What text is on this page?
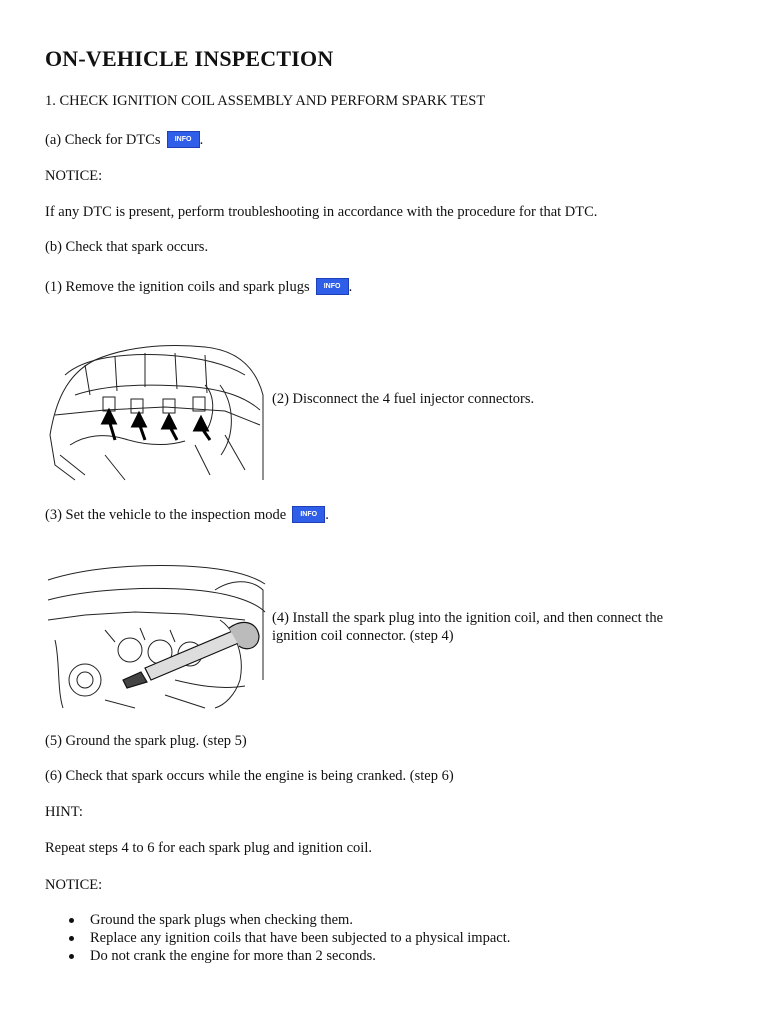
ON-VEHICLE INSPECTION
1. CHECK IGNITION COIL ASSEMBLY AND PERFORM SPARK TEST
(a) Check for DTCs INFO .
NOTICE:
If any DTC is present, perform troubleshooting in accordance with the procedure for that DTC.
(b) Check that spark occurs.
(1) Remove the ignition coils and spark plugs INFO .
(2) Disconnect the 4 fuel injector connectors.
(3) Set the vehicle to the inspection mode INFO .
(4) Install the spark plug into the ignition coil, and then connect the
ignition coil connector. (step 4)
(5) Ground the spark plug. (step 5)
(6) Check that spark occurs while the engine is being cranked. (step 6)
HINT:
Repeat steps 4 to 6 for each spark plug and ignition coil.
NOTICE:
Ground the spark plugs when checking them.
Replace any ignition coils that have been subjected to a physical impact.
Do not crank the engine for more than 2 seconds.
